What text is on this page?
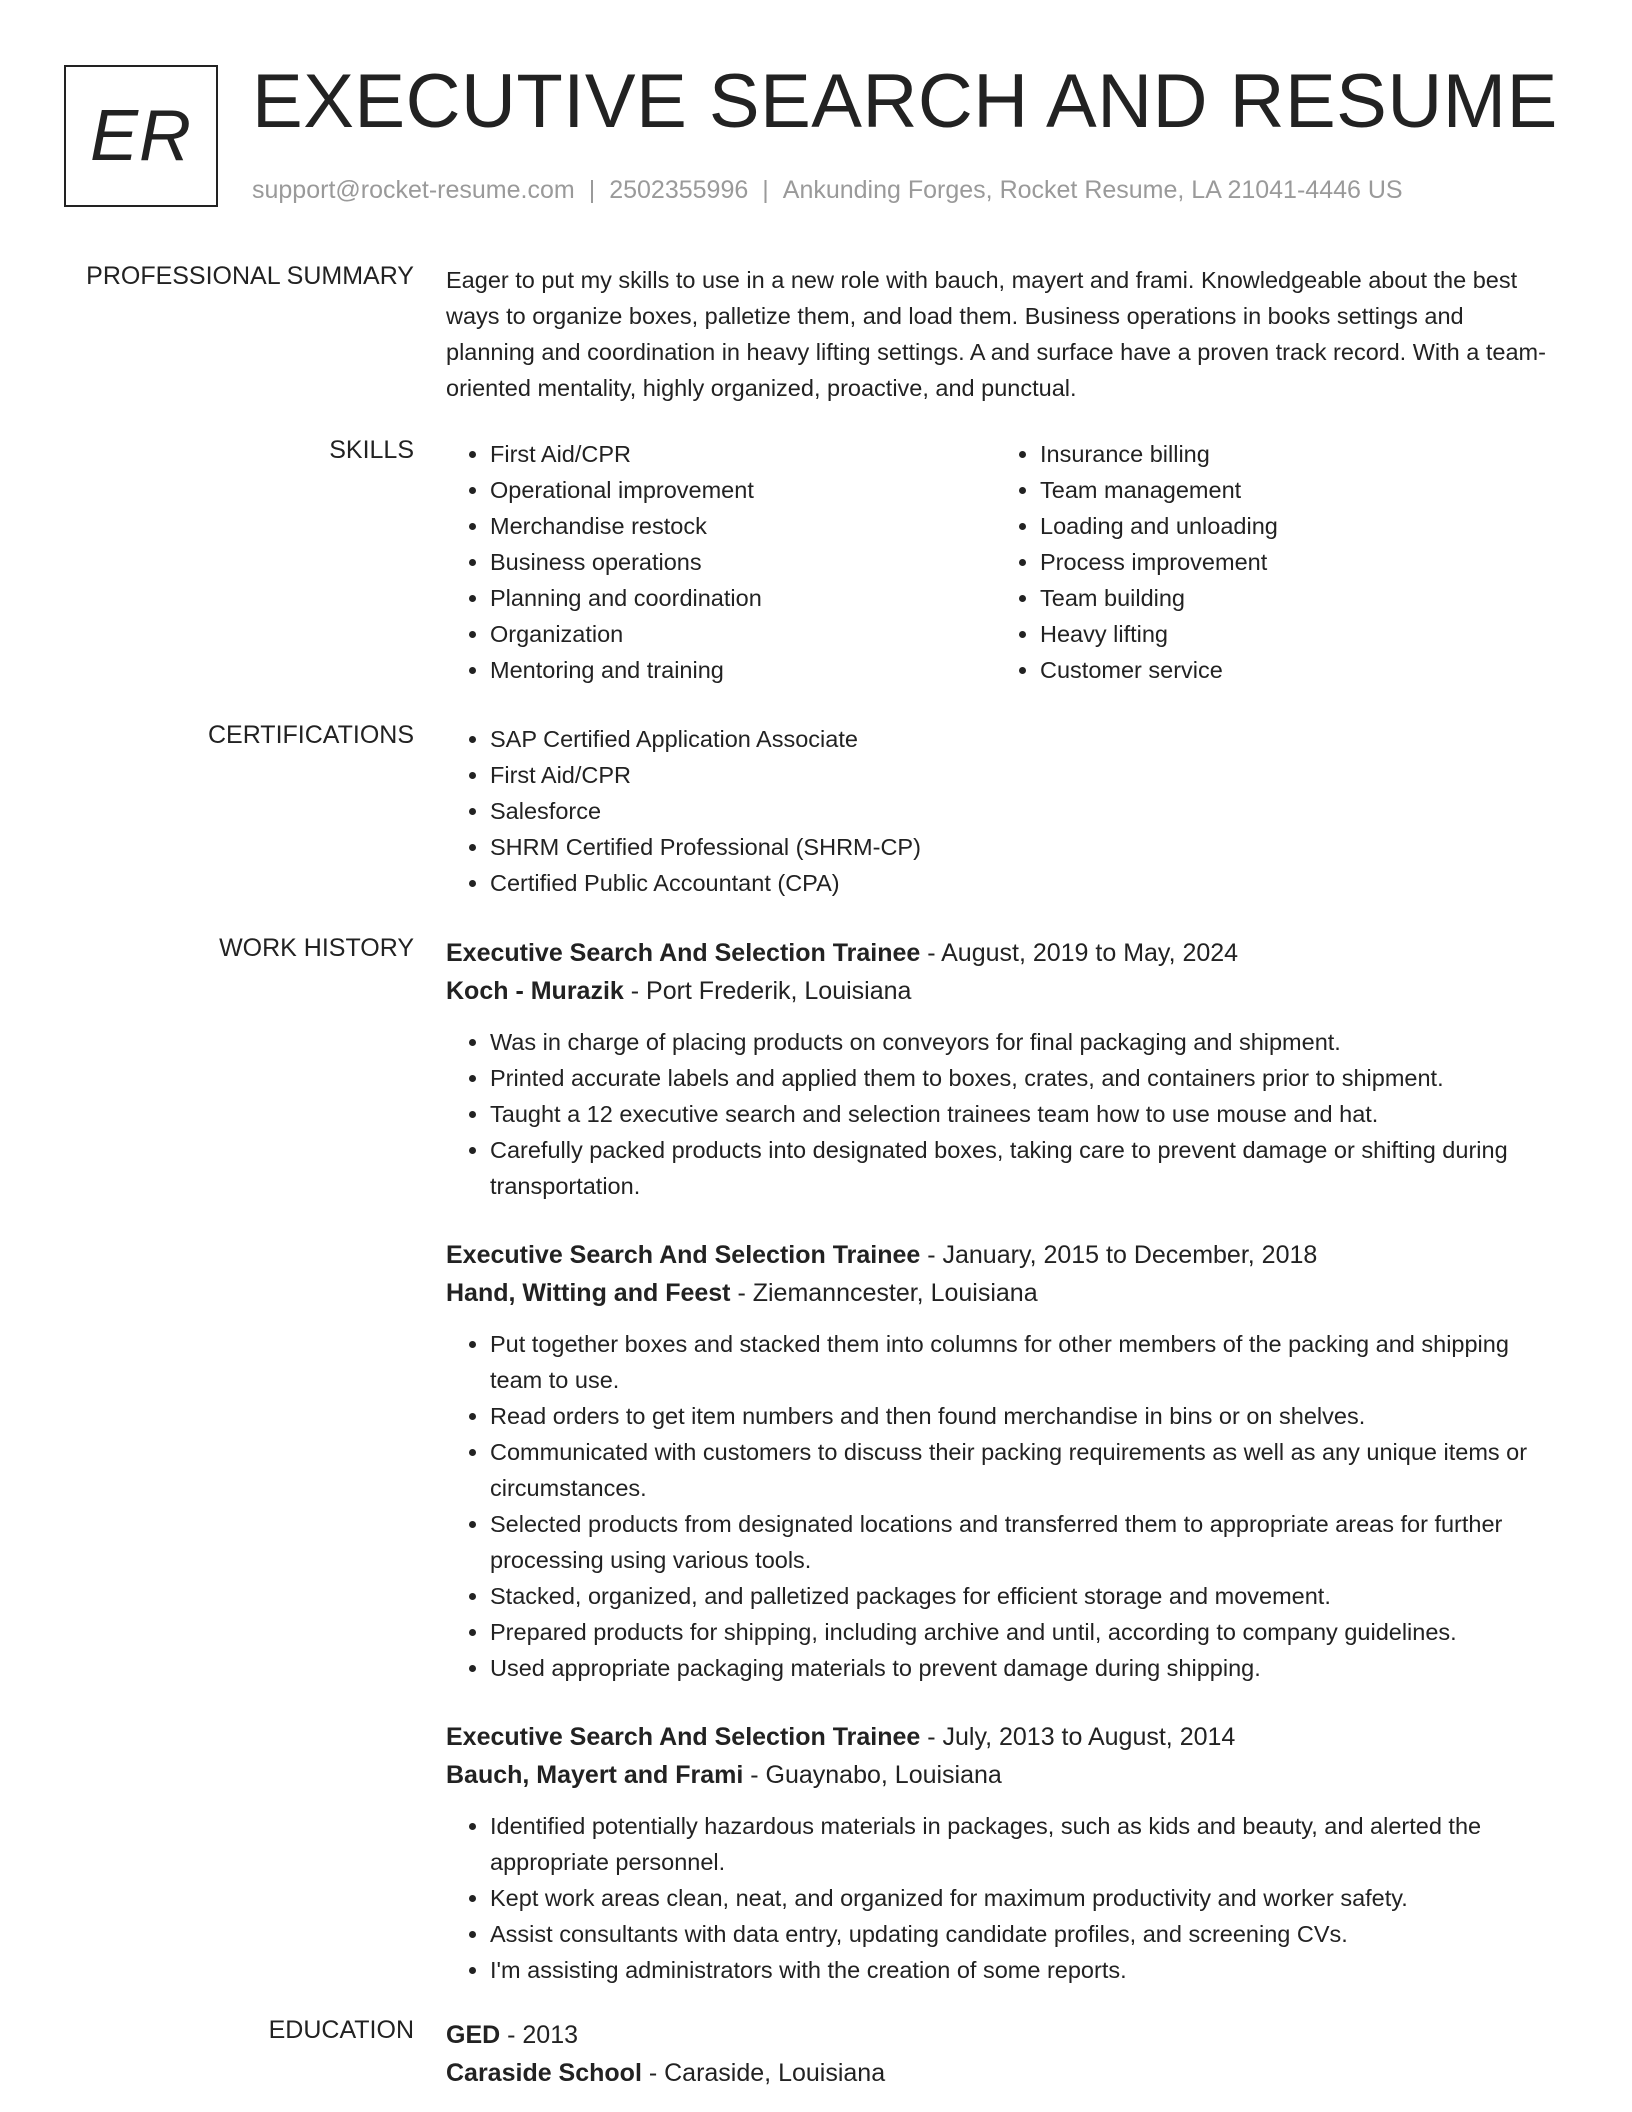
ER EXECUTIVE SEARCH AND RESUME
support@rocket-resume.com | 2502355996 | Ankunding Forges, Rocket Resume, LA 21041-4446 US
PROFESSIONAL SUMMARY Eager to put my skills to use in a new role with bauch, mayert and frami. Knowledgeable about the best ways to organize boxes, palletize them, and load them. Business operations in books settings and planning and coordination in heavy lifting settings. A and surface have a proven track record. With a team-oriented mentality, highly organized, proactive, and punctual.

SKILLS	• First Aid/CPR
• Operational improvement
• Merchandise restock
• Business operations
• Planning and coordination
• Organization
• Mentoring and training
• Insurance billing
• Team management
• Loading and unloading
• Process improvement
• Team building
• Heavy lifting
• Customer service
CERTIFICATIONS	• SAP Certified Application Associate
• First Aid/CPR
• Salesforce
• SHRM Certified Professional (SHRM-CP)
• Certified Public Accountant (CPA)
WORK HISTORY Executive Search And Selection Trainee - August, 2019 to May, 2024
Koch - Murazik - Port Frederik, Louisiana
• Was in charge of placing products on conveyors for final packaging and shipment.
• Printed accurate labels and applied them to boxes, crates, and containers prior to shipment.
• Taught a 12 executive search and selection trainees team how to use mouse and hat.
• Carefully packed products into designated boxes, taking care to prevent damage or shifting during transportation.
Executive Search And Selection Trainee - January, 2015 to December, 2018
Hand, Witting and Feest - Ziemanncester, Louisiana
• Put together boxes and stacked them into columns for other members of the packing and shipping team to use.
• Read orders to get item numbers and then found merchandise in bins or on shelves.
• Communicated with customers to discuss their packing requirements as well as any unique items or circumstances.
• Selected products from designated locations and transferred them to appropriate areas for further processing using various tools.
• Stacked, organized, and palletized packages for efficient storage and movement.
• Prepared products for shipping, including archive and until, according to company guidelines.
• Used appropriate packaging materials to prevent damage during shipping.
Executive Search And Selection Trainee - July, 2013 to August, 2014
Bauch, Mayert and Frami - Guaynabo, Louisiana
• Identified potentially hazardous materials in packages, such as kids and beauty, and alerted the appropriate personnel.
• Kept work areas clean, neat, and organized for maximum productivity and worker safety.
• Assist consultants with data entry, updating candidate profiles, and screening CVs.
• I'm assisting administrators with the creation of some reports.
EDUCATION GED - 2013
Caraside School - Caraside, Louisiana
